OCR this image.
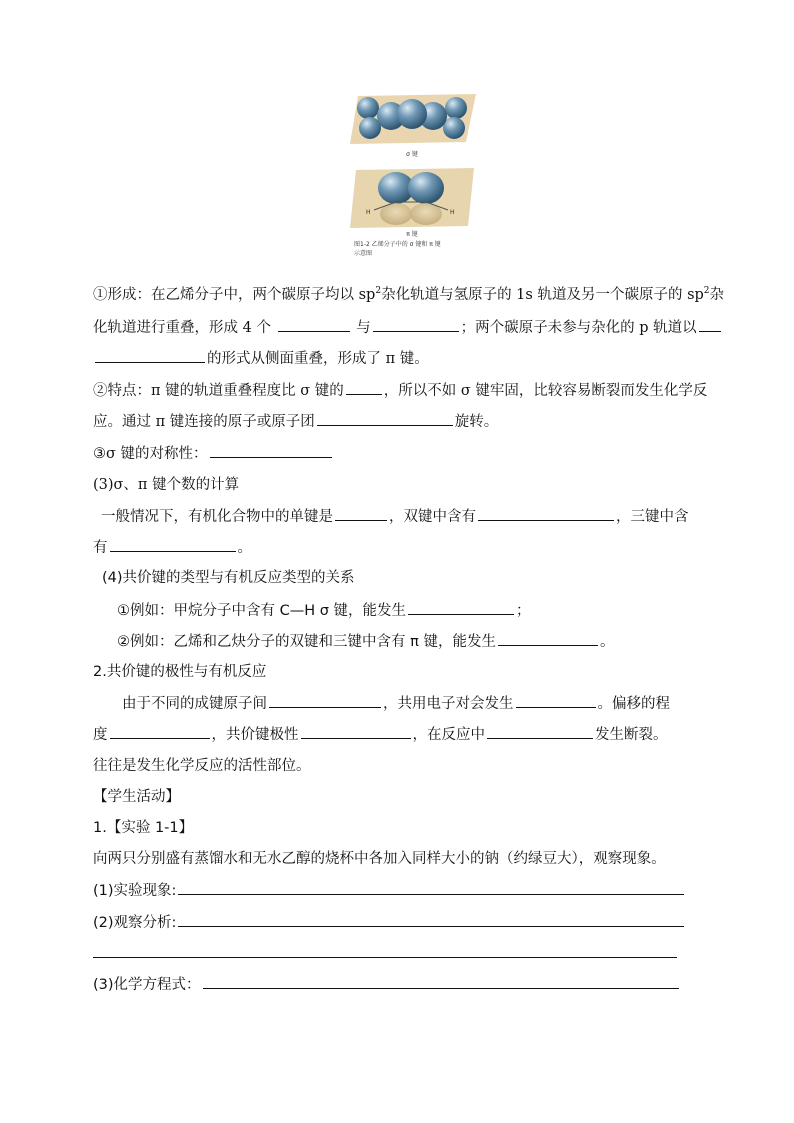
σ 键
H	H
π 键
图1-2 乙烯分子中的 σ 键和 π 键
示意图
①形成：在乙烯分子中，两个碳原子均以 $sp^2$杂化轨道与氢原子的 1s 轨道及另一个碳原子的 $sp^2$杂
化轨道进行重叠，形成 4 个	与	；两个碳原子未参与杂化的 p 轨道以
的形式从侧面重叠，形成了 π 键。
②特点：π 键的轨道重叠程度比 σ 键的	，所以不如 σ 键牢固，比较容易断裂而发生化学反
应。通过 π 键连接的原子或原子团	旋转。
③σ 键的对称性：
(3)σ、π 键个数的计算
一般情况下，有机化合物中的单键是	，双键中含有	，三键中含
有	。
(4)共价键的类型与有机反应类型的关系
①例如：甲烷分子中含有 C—H σ 键，能发生	；
②例如：乙烯和乙炔分子的双键和三键中含有 π 键，能发生	。
2.共价键的极性与有机反应
由于不同的成键原子间	，共用电子对会发生	。偏移的程
度	，共价键极性	，在反应中	发生断裂。
往往是发生化学反应的活性部位。
【学生活动】
1.【实验 1-1】
向两只分别盛有蒸馏水和无水乙醇的烧杯中各加入同样大小的钠（约绿豆大），观察现象。
(1)实验现象:
(2)观察分析:
(3)化学方程式：
